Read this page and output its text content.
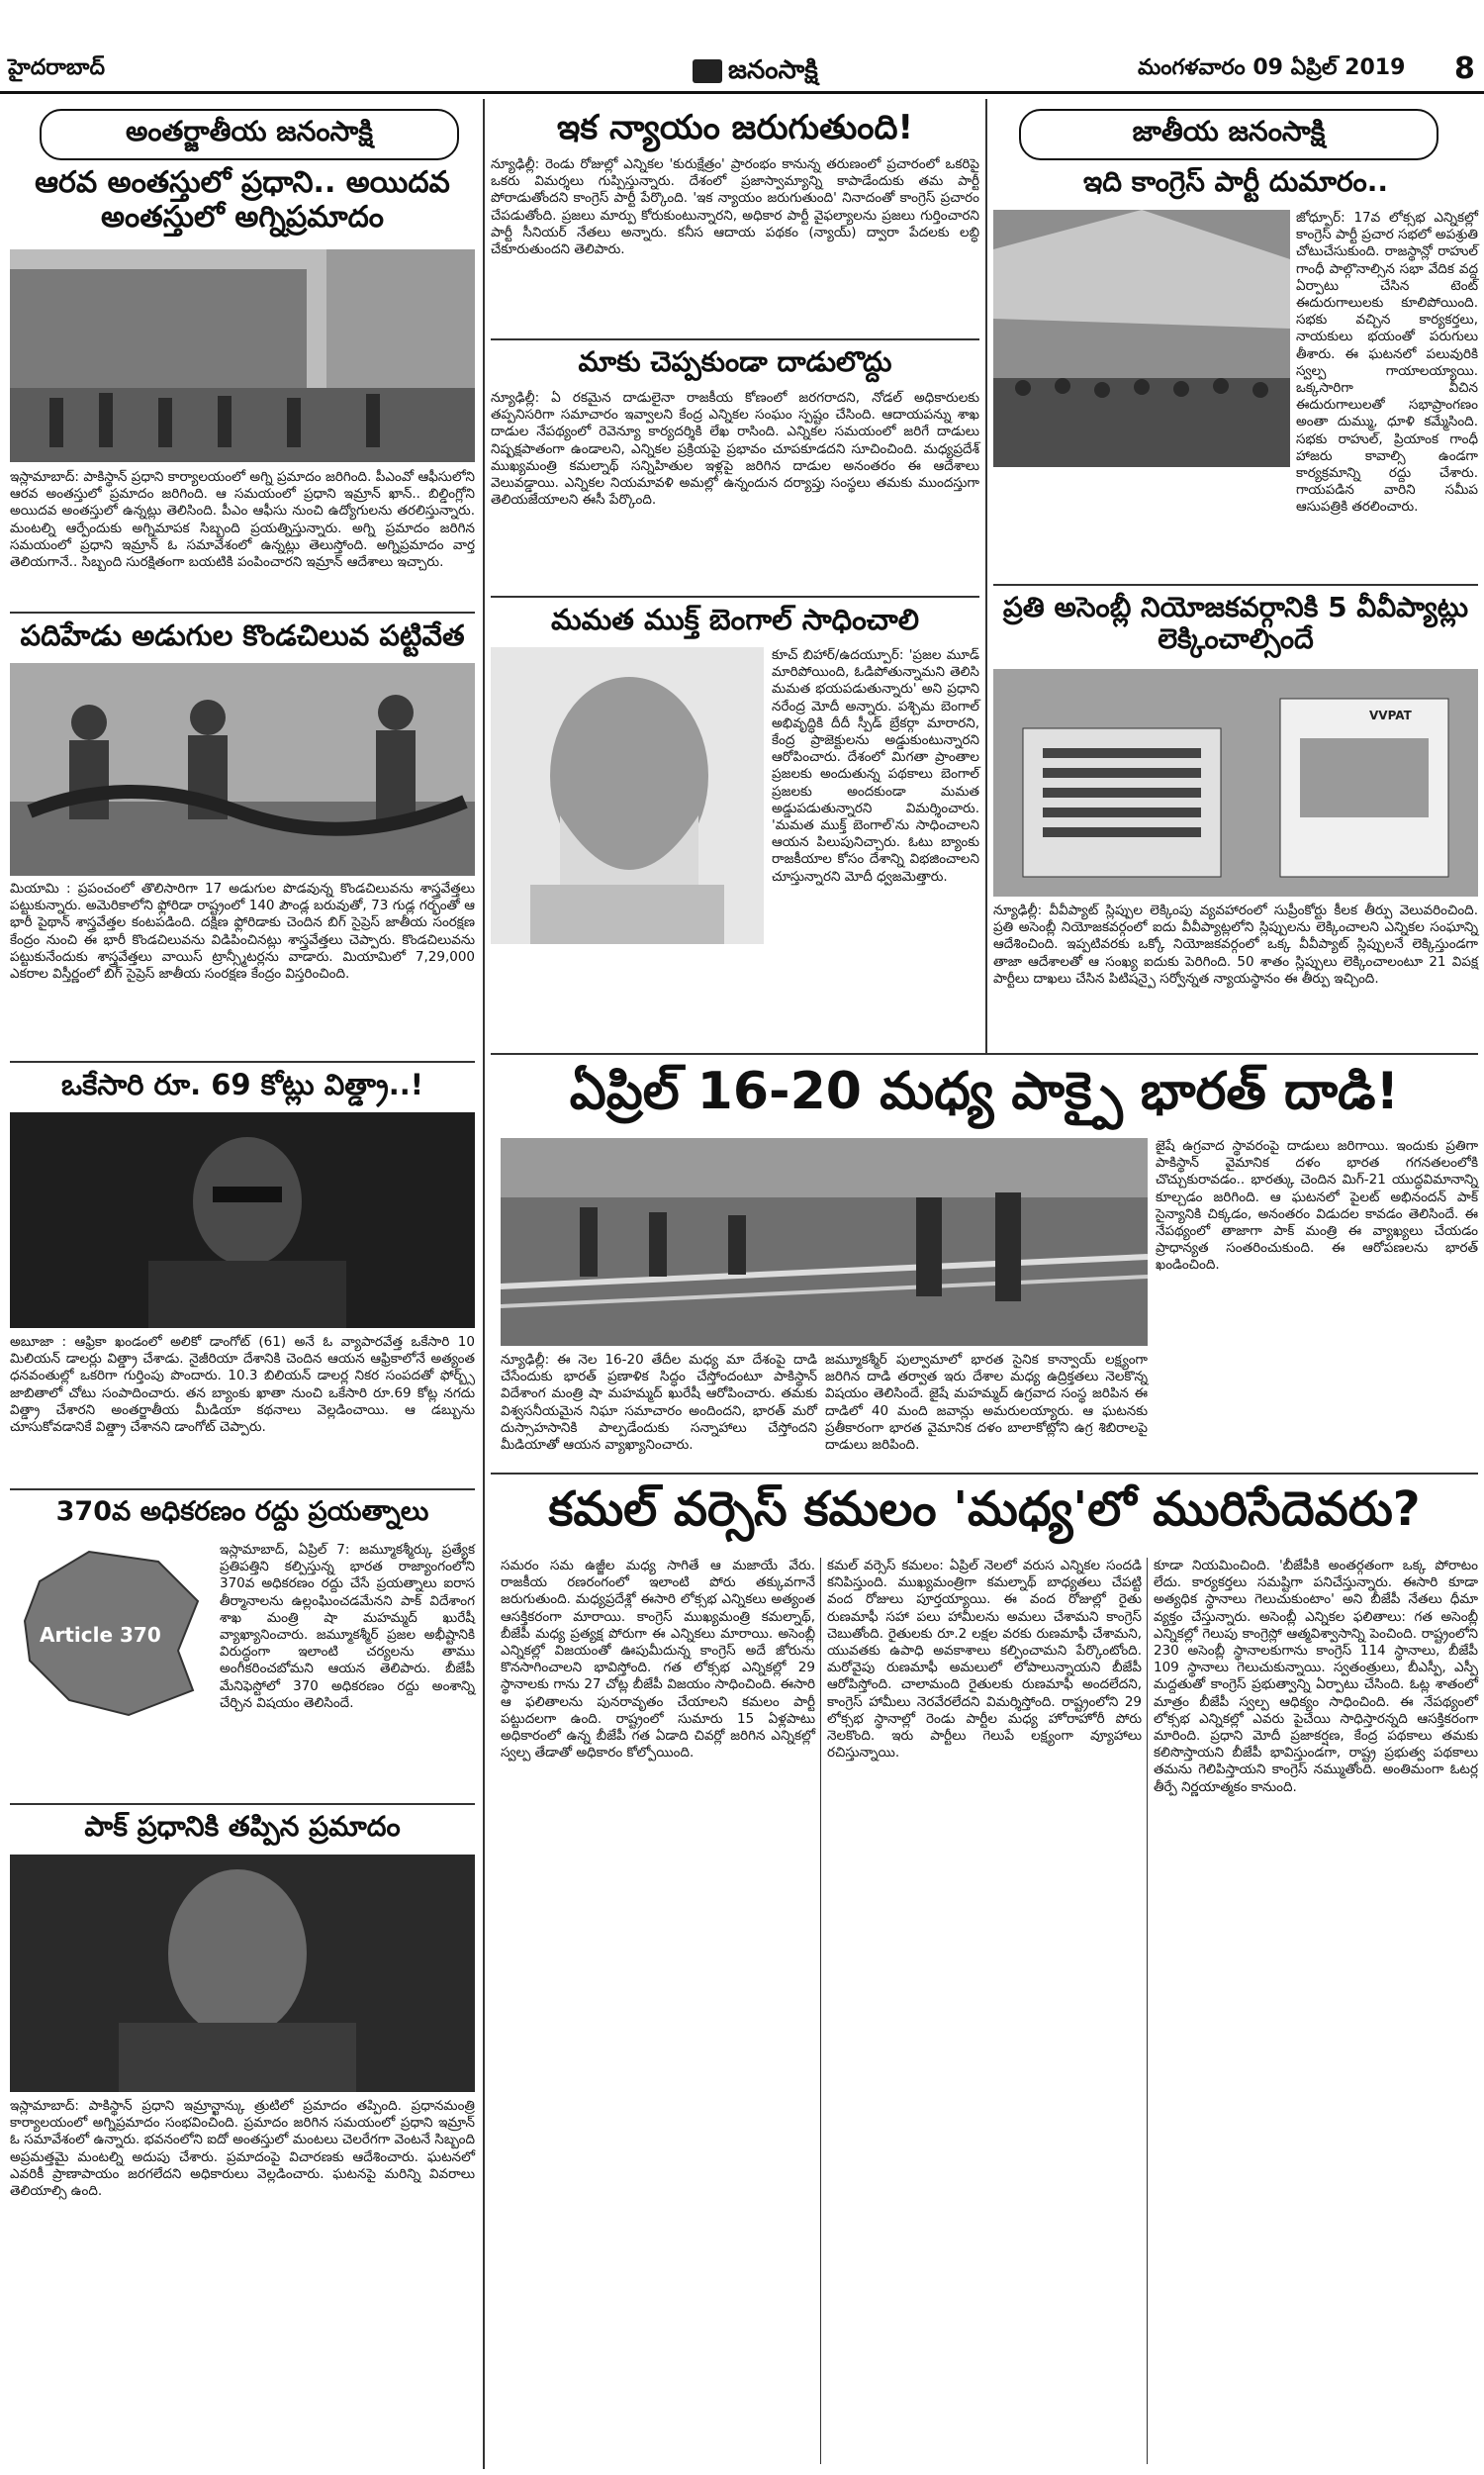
హైదరాబాద్	జనంసాక్షి	మంగళవారం 09 ఏప్రిల్ 2019 8
అంతర్జాతీయ జనంసాక్షి
ఆరవ అంతస్తులో ప్రధాని.. అయిదవ అంతస్తులో అగ్నిప్రమాదం
ఇస్లామాబాద్: పాకిస్థాన్ ప్రధాని కార్యాలయంలో అగ్ని ప్రమాదం జరిగింది. పీఎంవో ఆఫీసులోని ఆరవ అంతస్తులో ప్రమాదం జరిగింది. ఆ సమయంలో ప్రధాని ఇమ్రాన్ ఖాన్.. బిల్డింగ్లోని అయిదవ అంతస్తులో ఉన్నట్లు తెలిసింది. పీఎం ఆఫీసు నుంచి ఉద్యోగులను తరలిస్తున్నారు. మంటల్ని ఆర్పేందుకు అగ్నిమాపక సిబ్బంది ప్రయత్నిస్తున్నారు. అగ్ని ప్రమాదం జరిగిన సమయంలో ప్రధాని ఇమ్రాన్ ఓ సమావేశంలో ఉన్నట్లు తెలుస్తోంది. అగ్నిప్రమాదం వార్త తెలియగానే.. సిబ్బంది సురక్షితంగా బయటికి పంపించారని ఇమ్రాన్ ఆదేశాలు ఇచ్చారు.
పదిహేడు అడుగుల కొండచిలువ పట్టివేత
మియామి : ప్రపంచంలో తొలిసారిగా 17 అడుగుల పొడవున్న కొండచిలువను శాస్త్రవేత్తలు పట్టుకున్నారు. అమెరికాలోని ఫ్లోరిడా రాష్ట్రంలో 140 పౌండ్ల బరువుతో, 73 గుడ్ల గర్భంతో ఆ భారీ పైథాన్ శాస్త్రవేత్తల కంటపడింది. దక్షిణ ఫ్లోరిడాకు చెందిన బిగ్ సైప్రెస్ జాతీయ సంరక్షణ కేంద్రం నుంచి ఈ భారీ కొండచిలువను విడిపించినట్లు శాస్త్రవేత్తలు చెప్పారు. కొండచిలువను పట్టుకునేందుకు శాస్త్రవేత్తలు వాయిస్ ట్రాన్స్మీటర్లను వాడారు. మియామిలో 7,29,000 ఎకరాల విస్తీర్ణంలో బిగ్ సైప్రెస్ జాతీయ సంరక్షణ కేంద్రం విస్తరించింది.
ఒకేసారి రూ. 69 కోట్లు విత్డ్రా..!
అబూజా : ఆఫ్రికా ఖండంలో అలికో డాంగోట్ (61) అనే ఓ వ్యాపారవేత్త ఒకేసారి 10 మిలియన్ డాలర్లు విత్డ్రా చేశాడు. నైజీరియా దేశానికి చెందిన ఆయన ఆఫ్రికాలోనే అత్యంత ధనవంతుల్లో ఒకరిగా గుర్తింపు పొందారు. 10.3 బిలియన్ డాలర్ల నికర సంపదతో ఫోర్బ్స్ జాబితాలో చోటు సంపాదించారు. తన బ్యాంకు ఖాతా నుంచి ఒకేసారి రూ.69 కోట్ల నగదు విత్డ్రా చేశారని అంతర్జాతీయ మీడియా కథనాలు వెల్లడించాయి. ఆ డబ్బును చూసుకోవడానికే విత్డ్రా చేశానని డాంగోట్ చెప్పారు.
370వ అధికరణం రద్దు ప్రయత్నాలు
Article 370
ఇస్లామాబాద్, ఏప్రిల్ 7: జమ్మూకశ్మీర్కు ప్రత్యేక ప్రతిపత్తిని కల్పిస్తున్న భారత రాజ్యాంగంలోని 370వ అధికరణం రద్దు చేసే ప్రయత్నాలు ఐరాస తీర్మానాలను ఉల్లంఘించడమేనని పాక్ విదేశాంగ శాఖ మంత్రి షా మహమ్మద్ ఖురేషీ వ్యాఖ్యానించారు. జమ్మూకశ్మీర్ ప్రజల అభీష్టానికి విరుద్ధంగా ఇలాంటి చర్యలను తాము అంగీకరించబోమని ఆయన తెలిపారు. బీజేపీ మేనిఫెస్టోలో 370 అధికరణం రద్దు అంశాన్ని చేర్చిన విషయం తెలిసిందే.
పాక్ ప్రధానికి తప్పిన ప్రమాదం
ఇస్లామాబాద్: పాకిస్థాన్ ప్రధాని ఇమ్రాన్ఖాన్కు త్రుటిలో ప్రమాదం తప్పింది. ప్రధానమంత్రి కార్యాలయంలో అగ్నిప్రమాదం సంభవించింది. ప్రమాదం జరిగిన సమయంలో ప్రధాని ఇమ్రాన్ ఓ సమావేశంలో ఉన్నారు. భవనంలోని ఐదో అంతస్తులో మంటలు చెలరేగగా వెంటనే సిబ్బంది అప్రమత్తమై మంటల్ని అదుపు చేశారు. ప్రమాదంపై విచారణకు ఆదేశించారు. ఘటనలో ఎవరికీ ప్రాణాపాయం జరగలేదని అధికారులు వెల్లడించారు. ఘటనపై మరిన్ని వివరాలు తెలియాల్సి ఉంది.
ఇక న్యాయం జరుగుతుంది!
న్యూఢిల్లీ: రెండు రోజుల్లో ఎన్నికల 'కురుక్షేత్రం' ప్రారంభం కానున్న తరుణంలో ప్రచారంలో ఒకరిపై ఒకరు విమర్శలు గుప్పిస్తున్నారు. దేశంలో ప్రజాస్వామ్యాన్ని కాపాడేందుకు తమ పార్టీ పోరాడుతోందని కాంగ్రెస్ పార్టీ పేర్కొంది. 'ఇక న్యాయం జరుగుతుంది' నినాదంతో కాంగ్రెస్ ప్రచారం చేపడుతోంది. ప్రజలు మార్పు కోరుకుంటున్నారని, అధికార పార్టీ వైఫల్యాలను ప్రజలు గుర్తించారని పార్టీ సీనియర్ నేతలు అన్నారు. కనీస ఆదాయ పథకం (న్యాయ్) ద్వారా పేదలకు లబ్ధి చేకూరుతుందని తెలిపారు.
మాకు చెప్పకుండా దాడులొద్దు
న్యూఢిల్లీ: ఏ రకమైన దాడులైనా రాజకీయ కోణంలో జరగరాదని, నోడల్ అధికారులకు తప్పనిసరిగా సమాచారం ఇవ్వాలని కేంద్ర ఎన్నికల సంఘం స్పష్టం చేసింది. ఆదాయపన్ను శాఖ దాడుల నేపథ్యంలో రెవెన్యూ కార్యదర్శికి లేఖ రాసింది. ఎన్నికల సమయంలో జరిగే దాడులు నిష్పక్షపాతంగా ఉండాలని, ఎన్నికల ప్రక్రియపై ప్రభావం చూపకూడదని సూచించింది. మధ్యప్రదేశ్ ముఖ్యమంత్రి కమల్నాథ్ సన్నిహితుల ఇళ్లపై జరిగిన దాడుల అనంతరం ఈ ఆదేశాలు వెలువడ్డాయి. ఎన్నికల నియమావళి అమల్లో ఉన్నందున దర్యాప్తు సంస్థలు తమకు ముందస్తుగా తెలియజేయాలని ఈసీ పేర్కొంది.
మమత ముక్త్ బెంగాల్ సాధించాలి
కూచ్ బిహార్/ఉదయ్పూర్: 'ప్రజల మూడ్ మారిపోయింది, ఓడిపోతున్నామని తెలిసి మమత భయపడుతున్నారు' అని ప్రధాని నరేంద్ర మోదీ అన్నారు. పశ్చిమ బెంగాల్ అభివృద్ధికి దీదీ స్పీడ్ బ్రేకర్గా మారారని, కేంద్ర ప్రాజెక్టులను అడ్డుకుంటున్నారని ఆరోపించారు. దేశంలో మిగతా ప్రాంతాల ప్రజలకు అందుతున్న పథకాలు బెంగాల్ ప్రజలకు అందకుండా మమత అడ్డుపడుతున్నారని విమర్శించారు. 'మమత ముక్త్ బెంగాల్'ను సాధించాలని ఆయన పిలుపునిచ్చారు. ఓటు బ్యాంకు రాజకీయాల కోసం దేశాన్ని విభజించాలని చూస్తున్నారని మోదీ ధ్వజమెత్తారు.
జాతీయ జనంసాక్షి
ఇది కాంగ్రెస్ పార్టీ దుమారం..
జోధ్పూర్: 17వ లోక్సభ ఎన్నికల్లో కాంగ్రెస్ పార్టీ ప్రచార సభలో అపశ్రుతి చోటుచేసుకుంది. రాజస్థాన్లో రాహుల్ గాంధీ పాల్గొనాల్సిన సభా వేదిక వద్ద ఏర్పాటు చేసిన టెంట్ ఈదురుగాలులకు కూలిపోయింది. సభకు వచ్చిన కార్యకర్తలు, నాయకులు భయంతో పరుగులు తీశారు. ఈ ఘటనలో పలువురికి స్వల్ప గాయాలయ్యాయి. ఒక్కసారిగా వీచిన ఈదురుగాలులతో సభాప్రాంగణం అంతా దుమ్ము, ధూళి కమ్మేసింది. సభకు రాహుల్, ప్రియాంక గాంధీ హాజరు కావాల్సి ఉండగా కార్యక్రమాన్ని రద్దు చేశారు. గాయపడిన వారిని సమీప ఆసుపత్రికి తరలించారు.
ప్రతి అసెంబ్లీ నియోజకవర్గానికి 5 వీవీప్యాట్లు లెక్కించాల్సిందే
VVPAT
న్యూఢిల్లీ: వీవీప్యాట్ స్లిప్పుల లెక్కింపు వ్యవహారంలో సుప్రీంకోర్టు కీలక తీర్పు వెలువరించింది. ప్రతి అసెంబ్లీ నియోజకవర్గంలో ఐదు వీవీప్యాట్లలోని స్లిప్పులను లెక్కించాలని ఎన్నికల సంఘాన్ని ఆదేశించింది. ఇప్పటివరకు ఒక్కో నియోజకవర్గంలో ఒక్క వీవీప్యాట్ స్లిప్పులనే లెక్కిస్తుండగా తాజా ఆదేశాలతో ఆ సంఖ్య ఐదుకు పెరిగింది. 50 శాతం స్లిప్పులు లెక్కించాలంటూ 21 విపక్ష పార్టీలు దాఖలు చేసిన పిటిషన్పై సర్వోన్నత న్యాయస్థానం ఈ తీర్పు ఇచ్చింది.
ఏప్రిల్ 16-20 మధ్య పాక్పై భారత్ దాడి!
జైషే ఉగ్రవాద స్థావరంపై దాడులు జరిగాయి. ఇందుకు ప్రతిగా పాకిస్థాన్ వైమానిక దళం భారత గగనతలంలోకి చొచ్చుకురావడం.. భారత్కు చెందిన మిగ్-21 యుద్ధవిమానాన్ని కూల్చడం జరిగింది. ఆ ఘటనలో పైలట్ అభినందన్ పాక్ సైన్యానికి చిక్కడం, అనంతరం విడుదల కావడం తెలిసిందే. ఈ నేపథ్యంలో తాజాగా పాక్ మంత్రి ఈ వ్యాఖ్యలు చేయడం ప్రాధాన్యత సంతరించుకుంది. ఈ ఆరోపణలను భారత్ ఖండించింది.
న్యూఢిల్లీ: ఈ నెల 16-20 తేదీల మధ్య మా దేశంపై దాడి చేసేందుకు భారత్ ప్రణాళిక సిద్ధం చేస్తోందంటూ పాకిస్థాన్ విదేశాంగ మంత్రి షా మహమ్మద్ ఖురేషీ ఆరోపించారు. తమకు విశ్వసనీయమైన నిఘా సమాచారం అందిందని, భారత్ మరో దుస్సాహసానికి పాల్పడేందుకు సన్నాహాలు చేస్తోందని మీడియాతో ఆయన వ్యాఖ్యానించారు.
జమ్మూకశ్మీర్ పుల్వామాలో భారత సైనిక కాన్వాయ్ లక్ష్యంగా జరిగిన దాడి తర్వాత ఇరు దేశాల మధ్య ఉద్రిక్తతలు నెలకొన్న విషయం తెలిసిందే. జైషే మహమ్మద్ ఉగ్రవాద సంస్థ జరిపిన ఈ దాడిలో 40 మంది జవాన్లు అమరులయ్యారు. ఆ ఘటనకు ప్రతీకారంగా భారత వైమానిక దళం బాలాకోట్లోని ఉగ్ర శిబిరాలపై దాడులు జరిపింది.
కమల్ వర్సెస్ కమలం 'మధ్య'లో మురిసేదెవరు?
సమరం సమ ఉజ్జీల మధ్య సాగితే ఆ మజాయే వేరు. రాజకీయ రణరంగంలో ఇలాంటి పోరు తక్కువగానే జరుగుతుంది. మధ్యప్రదేశ్లో ఈసారి లోక్సభ ఎన్నికలు అత్యంత ఆసక్తికరంగా మారాయి. కాంగ్రెస్ ముఖ్యమంత్రి కమల్నాథ్, బీజేపీ మధ్య ప్రత్యక్ష పోరుగా ఈ ఎన్నికలు మారాయి. అసెంబ్లీ ఎన్నికల్లో విజయంతో ఊపుమీదున్న కాంగ్రెస్ అదే జోరును కొనసాగించాలని భావిస్తోంది. గత లోక్సభ ఎన్నికల్లో 29 స్థానాలకు గాను 27 చోట్ల బీజేపీ విజయం సాధించింది. ఈసారి ఆ ఫలితాలను పునరావృతం చేయాలని కమలం పార్టీ పట్టుదలగా ఉంది. రాష్ట్రంలో సుమారు 15 ఏళ్లపాటు అధికారంలో ఉన్న బీజేపీ గత ఏడాది చివర్లో జరిగిన ఎన్నికల్లో స్వల్ప తేడాతో అధికారం కోల్పోయింది.
కమల్ వర్సెస్ కమలం: ఏప్రిల్ నెలలో వరుస ఎన్నికల సందడి కనిపిస్తుంది. ముఖ్యమంత్రిగా కమల్నాథ్ బాధ్యతలు చేపట్టి వంద రోజులు పూర్తయ్యాయి. ఈ వంద రోజుల్లో రైతు రుణమాఫీ సహా పలు హామీలను అమలు చేశామని కాంగ్రెస్ చెబుతోంది. రైతులకు రూ.2 లక్షల వరకు రుణమాఫీ చేశామని, యువతకు ఉపాధి అవకాశాలు కల్పించామని పేర్కొంటోంది. మరోవైపు రుణమాఫీ అమలులో లోపాలున్నాయని బీజేపీ ఆరోపిస్తోంది. చాలామంది రైతులకు రుణమాఫీ అందలేదని, కాంగ్రెస్ హామీలు నెరవేరలేదని విమర్శిస్తోంది. రాష్ట్రంలోని 29 లోక్సభ స్థానాల్లో రెండు పార్టీల మధ్య హోరాహోరీ పోరు నెలకొంది. ఇరు పార్టీలు గెలుపే లక్ష్యంగా వ్యూహాలు రచిస్తున్నాయి.
కూడా నియమించింది. 'బీజేపీకి అంతర్గతంగా ఒక్క పోరాటం లేదు. కార్యకర్తలు సమష్టిగా పనిచేస్తున్నారు. ఈసారి కూడా అత్యధిక స్థానాలు గెలుచుకుంటాం' అని బీజేపీ నేతలు ధీమా వ్యక్తం చేస్తున్నారు. అసెంబ్లీ ఎన్నికల ఫలితాలు: గత అసెంబ్లీ ఎన్నికల్లో గెలుపు కాంగ్రెస్లో ఆత్మవిశ్వాసాన్ని పెంచింది. రాష్ట్రంలోని 230 అసెంబ్లీ స్థానాలకుగాను కాంగ్రెస్ 114 స్థానాలు, బీజేపీ 109 స్థానాలు గెలుచుకున్నాయి. స్వతంత్రులు, బీఎస్పీ, ఎస్పీ మద్దతుతో కాంగ్రెస్ ప్రభుత్వాన్ని ఏర్పాటు చేసింది. ఓట్ల శాతంలో మాత్రం బీజేపీ స్వల్ప ఆధిక్యం సాధించింది. ఈ నేపథ్యంలో లోక్సభ ఎన్నికల్లో ఎవరు పైచేయి సాధిస్తారన్నది ఆసక్తికరంగా మారింది. ప్రధాని మోదీ ప్రజాకర్షణ, కేంద్ర పథకాలు తమకు కలిసొస్తాయని బీజేపీ భావిస్తుండగా, రాష్ట్ర ప్రభుత్వ పథకాలు తమను గెలిపిస్తాయని కాంగ్రెస్ నమ్ముతోంది. అంతిమంగా ఓటర్ల తీర్పే నిర్ణయాత్మకం కానుంది.
